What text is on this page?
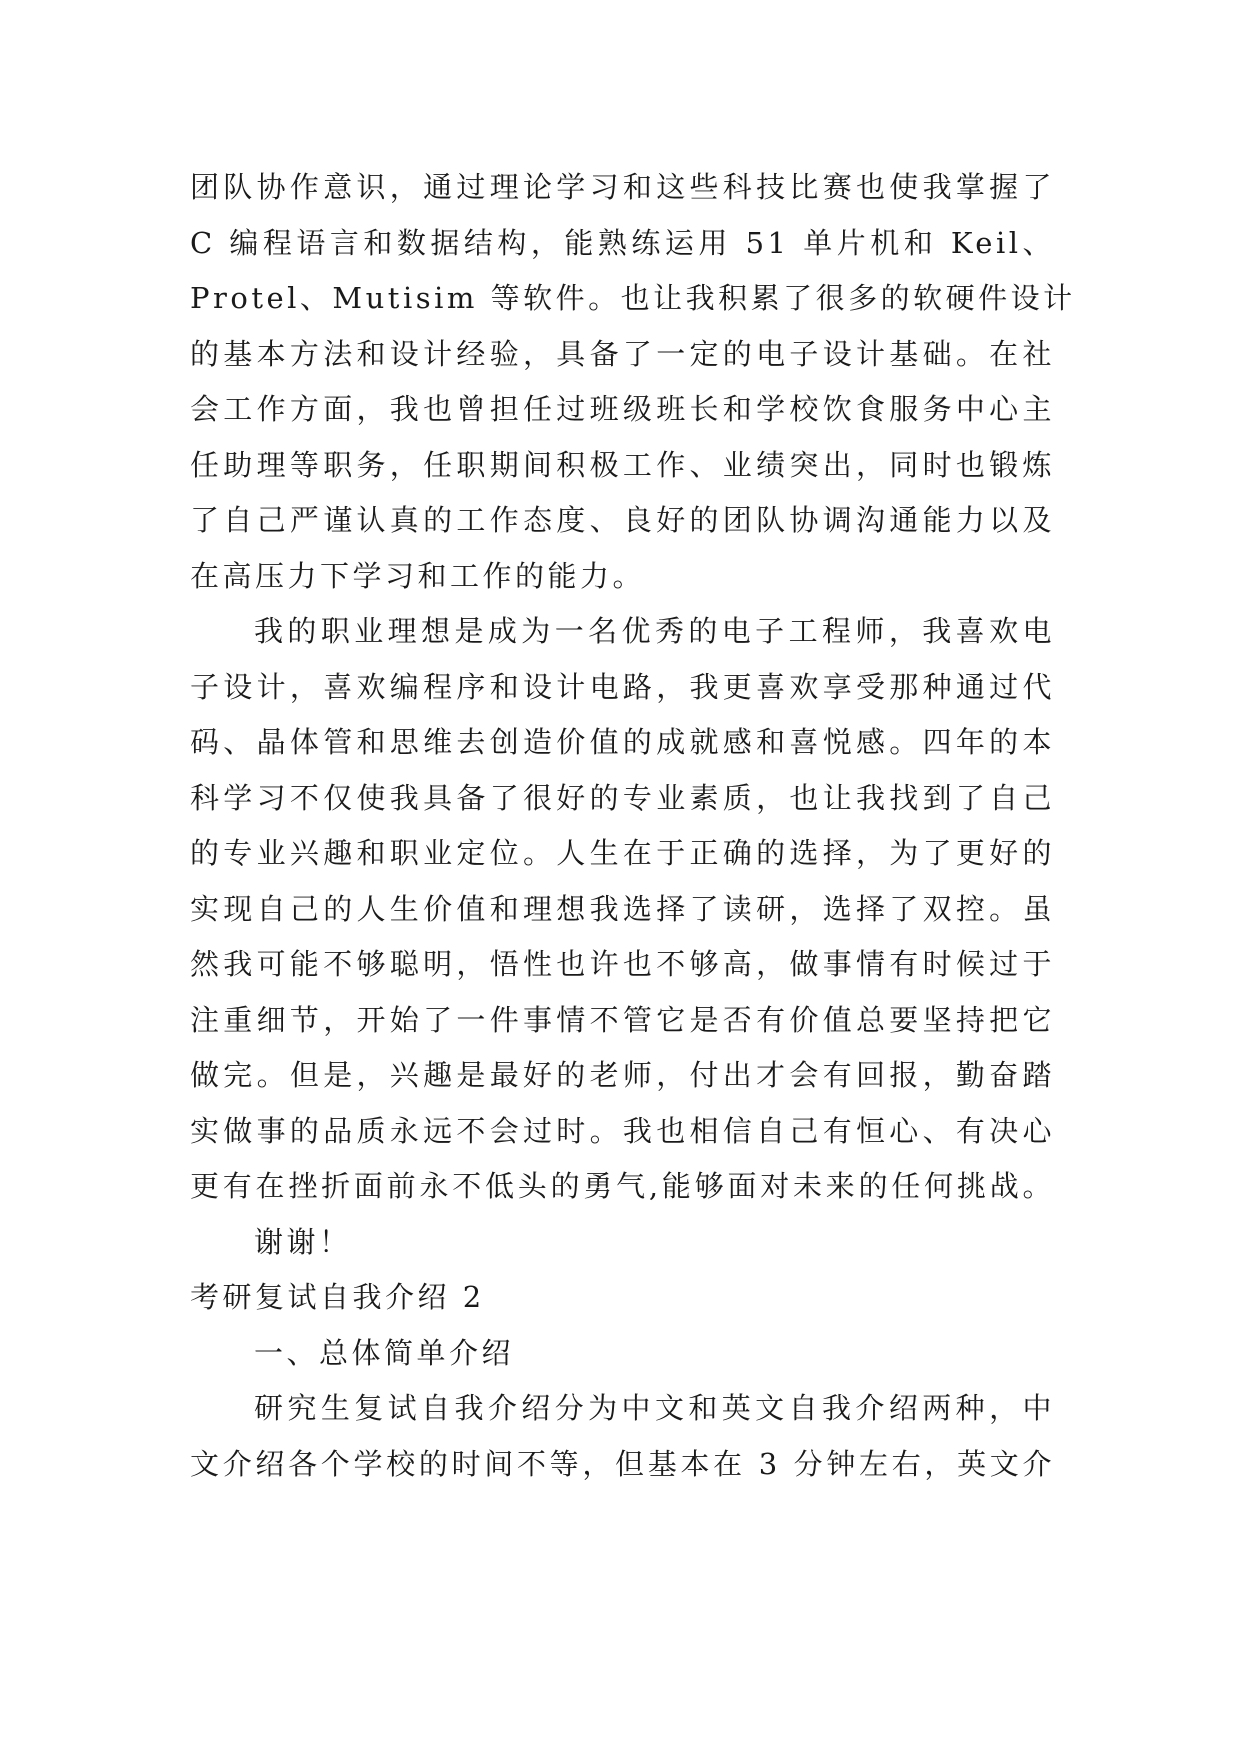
团队协作意识，通过理论学习和这些科技比赛也使我掌握了
C 编程语言和数据结构，能熟练运用 51 单片机和 Keil、
Protel、Mutisim 等软件。也让我积累了很多的软硬件设计
的基本方法和设计经验，具备了一定的电子设计基础。在社
会工作方面，我也曾担任过班级班长和学校饮食服务中心主
任助理等职务，任职期间积极工作、业绩突出，同时也锻炼
了自己严谨认真的工作态度、良好的团队协调沟通能力以及
在高压力下学习和工作的能力。
我的职业理想是成为一名优秀的电子工程师，我喜欢电
子设计，喜欢编程序和设计电路，我更喜欢享受那种通过代
码、晶体管和思维去创造价值的成就感和喜悦感。四年的本
科学习不仅使我具备了很好的专业素质，也让我找到了自己
的专业兴趣和职业定位。人生在于正确的选择，为了更好的
实现自己的人生价值和理想我选择了读研，选择了双控。虽
然我可能不够聪明，悟性也许也不够高，做事情有时候过于
注重细节，开始了一件事情不管它是否有价值总要坚持把它
做完。但是，兴趣是最好的老师，付出才会有回报，勤奋踏
实做事的品质永远不会过时。我也相信自己有恒心、有决心
更有在挫折面前永不低头的勇气,能够面对未来的任何挑战。
谢谢！
考研复试自我介绍 2
一、总体简单介绍
研究生复试自我介绍分为中文和英文自我介绍两种，中
文介绍各个学校的时间不等，但基本在 3 分钟左右，英文介
